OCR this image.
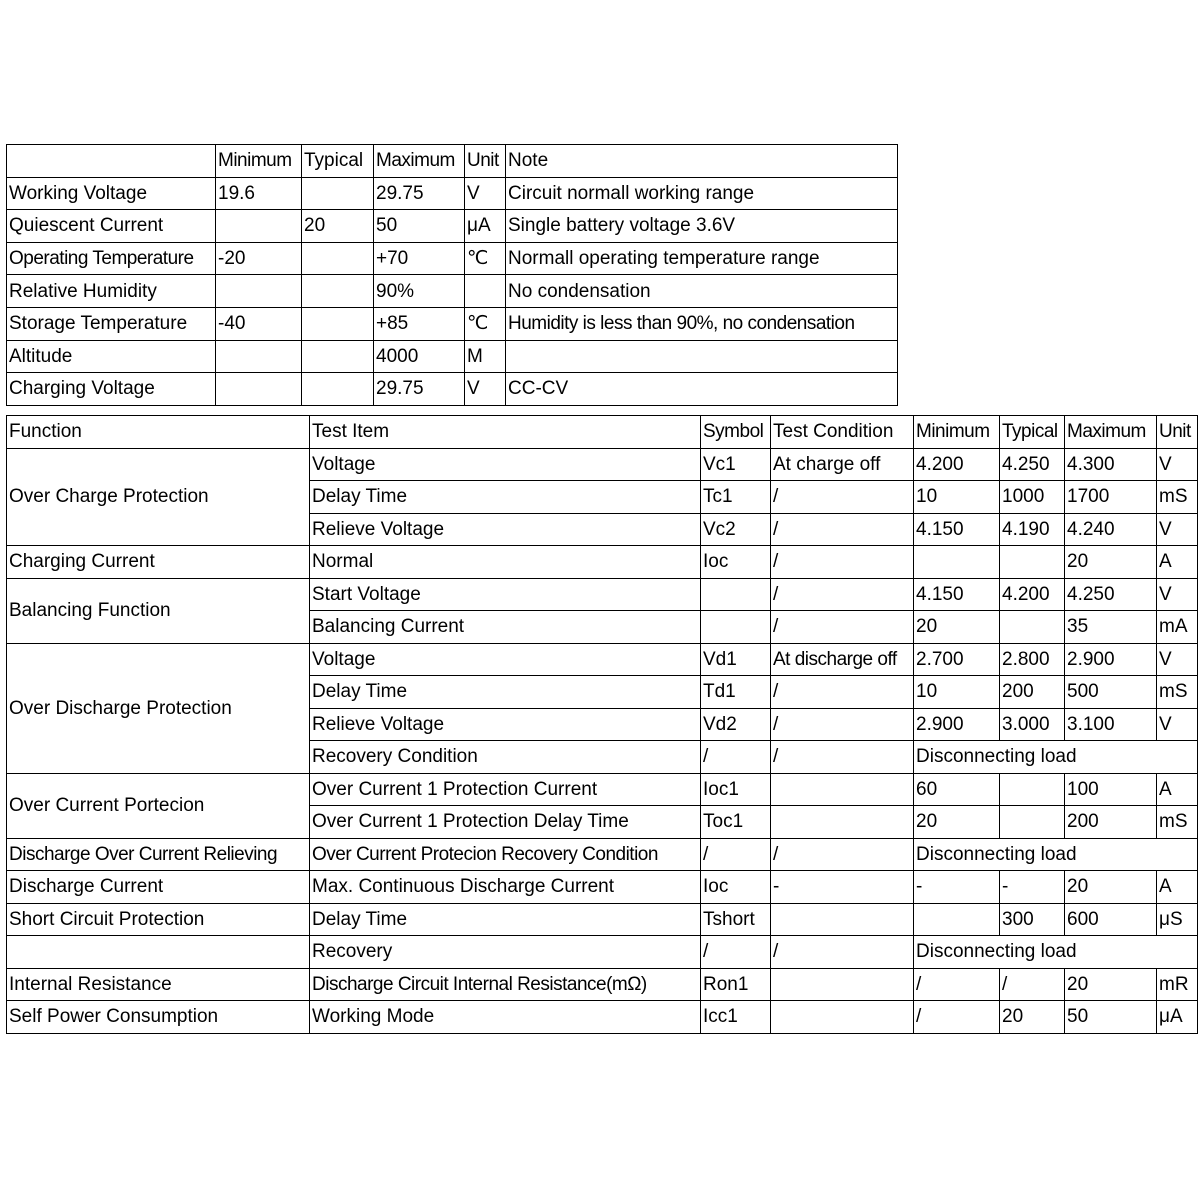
	Minimum	Typical	Maximum	Unit	Note
Working Voltage	19.6		29.75	V	Circuit normall working range
Quiescent Current		20	50	μA	Single battery voltage 3.6V
Operating Temperature	-20		+70	℃	Normall operating temperature range
Relative Humidity			90%		No condensation
Storage Temperature	-40		+85	℃	Humidity is less than 90%, no condensation
Altitude			4000	M	
Charging Voltage			29.75	V	CC-CV
Function	Test Item	Symbol	Test Condition	Minimum	Typical	Maximum	Unit
Over Charge Protection	Voltage	Vc1	At charge off	4.200	4.250	4.300	V
	Delay Time	Tc1	/	10	1000	1700	mS
	Relieve Voltage	Vc2	/	4.150	4.190	4.240	V
Charging Current	Normal	Ioc	/			20	A
Balancing Function	Start Voltage		/	4.150	4.200	4.250	V
	Balancing Current		/	20		35	mA
Over Discharge Protection	Voltage	Vd1	At discharge off	2.700	2.800	2.900	V
	Delay Time	Td1	/	10	200	500	mS
	Relieve Voltage	Vd2	/	2.900	3.000	3.100	V
	Recovery Condition	/	/	Disconnecting load			
Over Current Portecion	Over Current 1 Protection Current	Ioc1		60		100	A
	Over Current 1 Protection Delay Time	Toc1		20		200	mS
Discharge Over Current Relieving	Over Current Protecion Recovery Condition	/	/	Disconnecting load			
Discharge Current	Max. Continuous Discharge Current	Ioc	-	-	-	20	A
Short Circuit Protection	Delay Time	Tshort			300	600	μS
	Recovery	/	/	Disconnecting load			
Internal Resistance	Discharge Circuit Internal Resistance(mΩ)	Ron1		/	/	20	mR
Self Power Consumption	Working Mode	Icc1		/	20	50	μA
